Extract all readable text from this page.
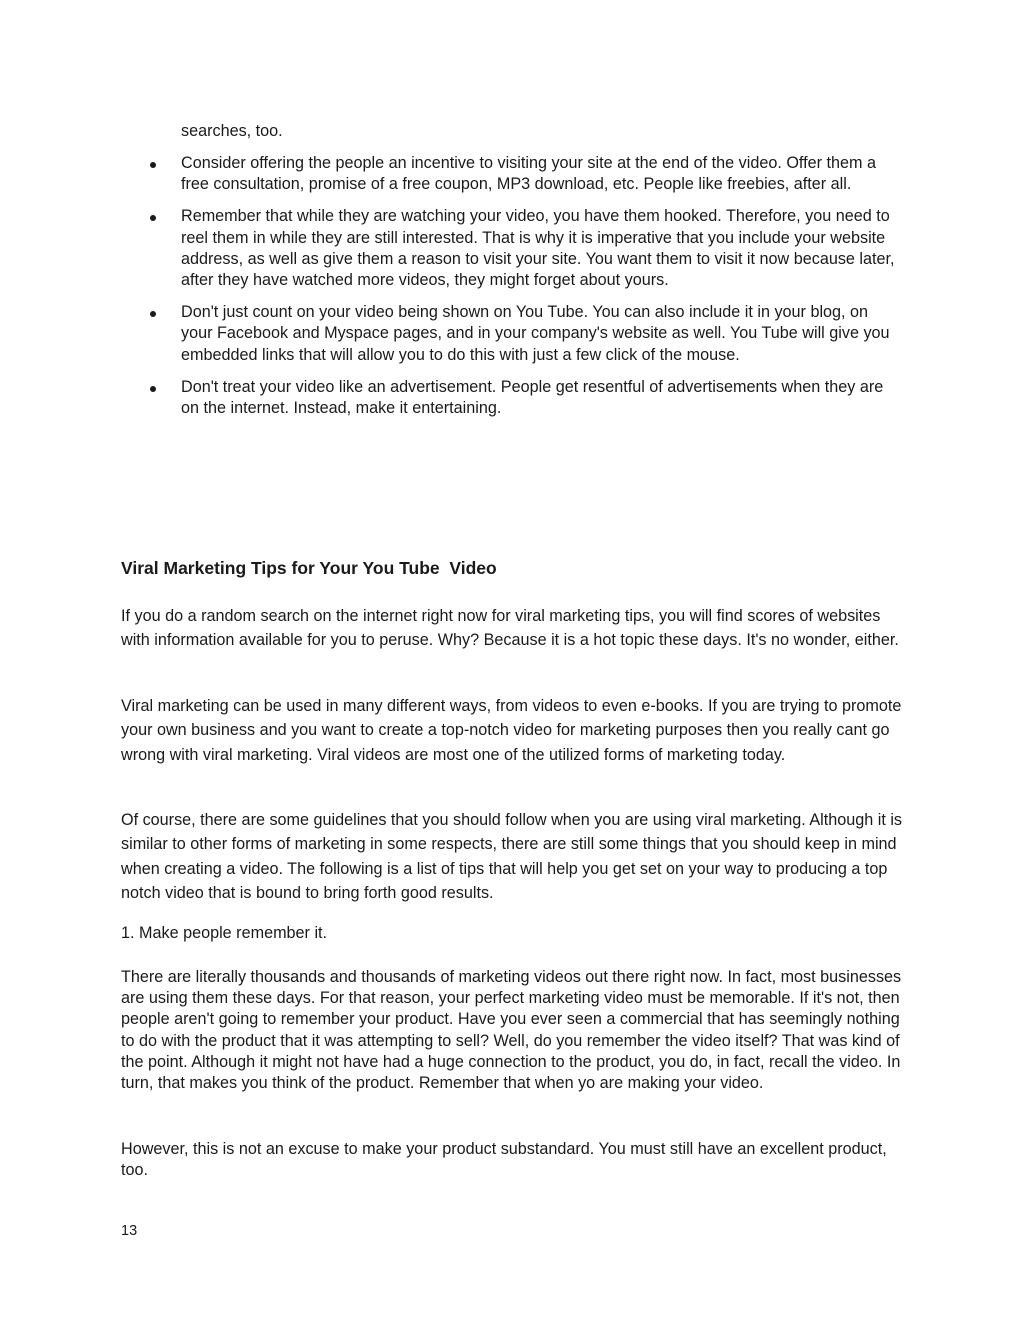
searches, too.

Consider offering the people an incentive to visiting your site at the end of the video. Offer them a free consultation, promise of a free coupon, MP3 download, etc. People like freebies, after all.
Remember that while they are watching your video, you have them hooked. Therefore, you need to reel them in while they are still interested. That is why it is imperative that you include your website address, as well as give them a reason to visit your site. You want them to visit it now because later, after they have watched more videos, they might forget about yours.
Don't just count on your video being shown on You Tube. You can also include it in your blog, on your Facebook and Myspace pages, and in your company's website as well. You Tube will give you embedded links that will allow you to do this with just a few click of the mouse.
Don't treat your video like an advertisement. People get resentful of advertisements when they are on the internet. Instead, make it entertaining.
Viral Marketing Tips for Your You Tube  Video

If you do a random search on the internet right now for viral marketing tips, you will find scores of websites with information available for you to peruse. Why? Because it is a hot topic these days. It's no wonder, either.

Viral marketing can be used in many different ways, from videos to even e-books. If you are trying to promote your own business and you want to create a top-notch video for marketing purposes then you really cant go wrong with viral marketing. Viral videos are most one of the utilized forms of marketing today.

Of course, there are some guidelines that you should follow when you are using viral marketing. Although it is similar to other forms of marketing in some respects, there are still some things that you should keep in mind when creating a video. The following is a list of tips that will help you get set on your way to producing a top notch video that is bound to bring forth good results.

1. Make people remember it.

There are literally thousands and thousands of marketing videos out there right now. In fact, most businesses are using them these days. For that reason, your perfect marketing video must be memorable. If it's not, then people aren't going to remember your product. Have you ever seen a commercial that has seemingly nothing to do with the product that it was attempting to sell? Well, do you remember the video itself? That was kind of the point. Although it might not have had a huge connection to the product, you do, in fact, recall the video. In turn, that makes you think of the product. Remember that when yo are making your video.

However, this is not an excuse to make your product substandard. You must still have an excellent product, too.

13
